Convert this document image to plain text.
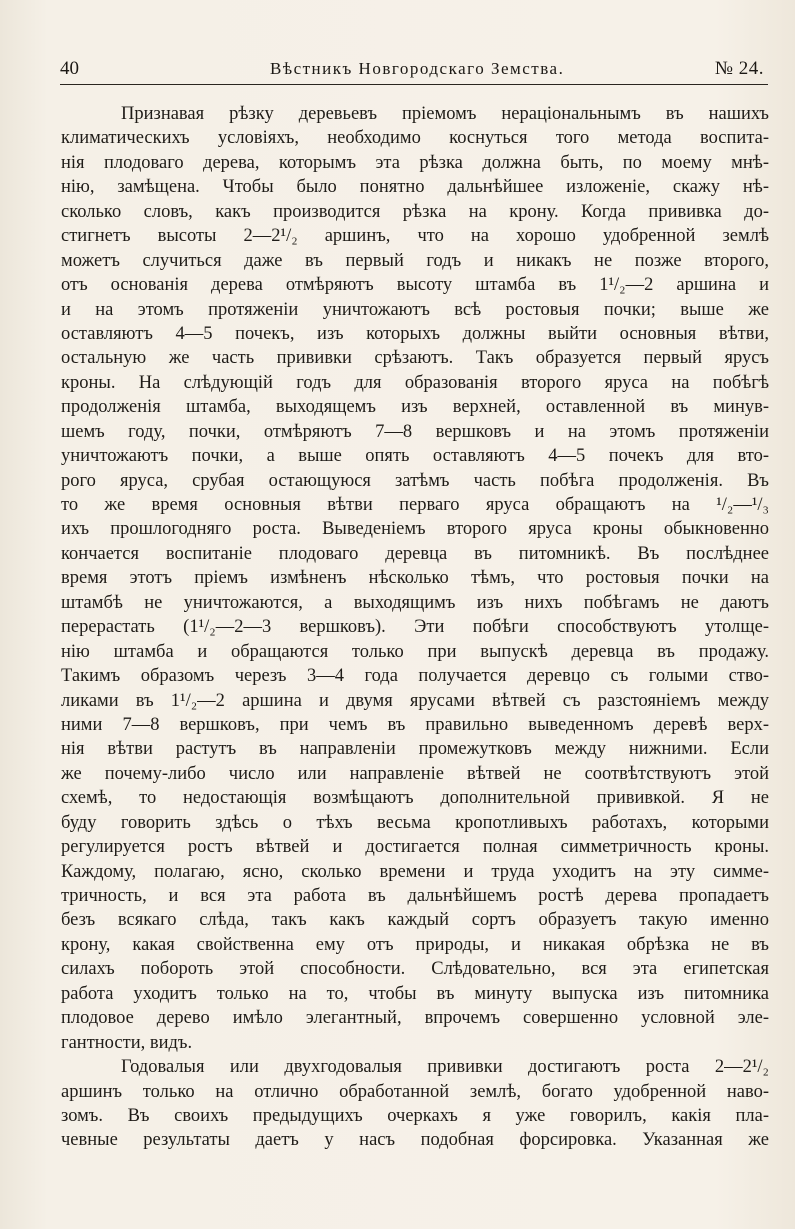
40	Вѣстникъ Новгородскаго Земства.	№ 24.
Признавая рѣзку деревьевъ пріемомъ нераціональнымъ въ нашихъ
климатическихъ условіяхъ, необходимо коснуться того метода воспита-
нія плодоваго дерева, которымъ эта рѣзка должна быть, по моему мнѣ-
нію, замѣщена. Чтобы было понятно дальнѣйшее изложеніе, скажу нѣ-
сколько словъ, какъ производится рѣзка на крону. Когда прививка до-
стигнетъ высоты 2—2¹/₂ аршинъ, что на хорошо удобренной землѣ
можетъ случиться даже въ первый годъ и никакъ не позже второго,
отъ основанія дерева отмѣряютъ высоту штамба въ 1¹/₂—2 аршина и
и на этомъ протяженіи уничтожаютъ всѣ ростовыя почки; выше же
оставляютъ 4—5 почекъ, изъ которыхъ должны выйти основныя вѣтви,
остальную же часть прививки срѣзаютъ. Такъ образуется первый ярусъ
кроны. На слѣдующій годъ для образованія второго яруса на побѣгѣ
продолженія штамба, выходящемъ изъ верхней, оставленной въ минув-
шемъ году, почки, отмѣряютъ 7—8 вершковъ и на этомъ протяженіи
уничтожаютъ почки, а выше опять оставляютъ 4—5 почекъ для вто-
рого яруса, срубая остающуюся затѣмъ часть побѣга продолженія. Въ
то же время основныя вѣтви перваго яруса обращаютъ на ¹/₂—¹/₃
ихъ прошлогодняго роста. Выведеніемъ второго яруса кроны обыкновенно
кончается воспитаніе плодоваго деревца въ питомникѣ. Въ послѣднее
время этотъ пріемъ измѣненъ нѣсколько тѣмъ, что ростовыя почки на
штамбѣ не уничтожаются, а выходящимъ изъ нихъ побѣгамъ не даютъ
перерастать (1¹/₂—2—3 вершковъ). Эти побѣги способствуютъ утолще-
нію штамба и обращаются только при выпускѣ деревца въ продажу.
Такимъ образомъ черезъ 3—4 года получается деревцо съ голыми ство-
ликами въ 1¹/₂—2 аршина и двумя ярусами вѣтвей съ разстояніемъ между
ними 7—8 вершковъ, при чемъ въ правильно выведенномъ деревѣ верх-
нія вѣтви растутъ въ направленіи промежутковъ между нижними. Если
же почему-либо число или направленіе вѣтвей не соотвѣтствуютъ этой
схемѣ, то недостающія возмѣщаютъ дополнительной прививкой. Я не
буду говорить здѣсь о тѣхъ весьма кропотливыхъ работахъ, которыми
регулируется ростъ вѣтвей и достигается полная симметричность кроны.
Каждому, полагаю, ясно, сколько времени и труда уходитъ на эту симме-
тричность, и вся эта работа въ дальнѣйшемъ ростѣ дерева пропадаетъ
безъ всякаго слѣда, такъ какъ каждый сортъ образуетъ такую именно
крону, какая свойственна ему отъ природы, и никакая обрѣзка не въ
силахъ побороть этой способности. Слѣдовательно, вся эта египетская
работа уходитъ только на то, чтобы въ минуту выпуска изъ питомника
плодовое дерево имѣло элегантный, впрочемъ совершенно условной эле-
гантности, видъ.
Годовалыя или двухгодовалыя прививки достигаютъ роста 2—2¹/₂
аршинъ только на отлично обработанной землѣ, богато удобренной наво-
зомъ. Въ своихъ предыдущихъ очеркахъ я уже говорилъ, какія пла-
чевные результаты даетъ у насъ подобная форсировка. Указанная же
